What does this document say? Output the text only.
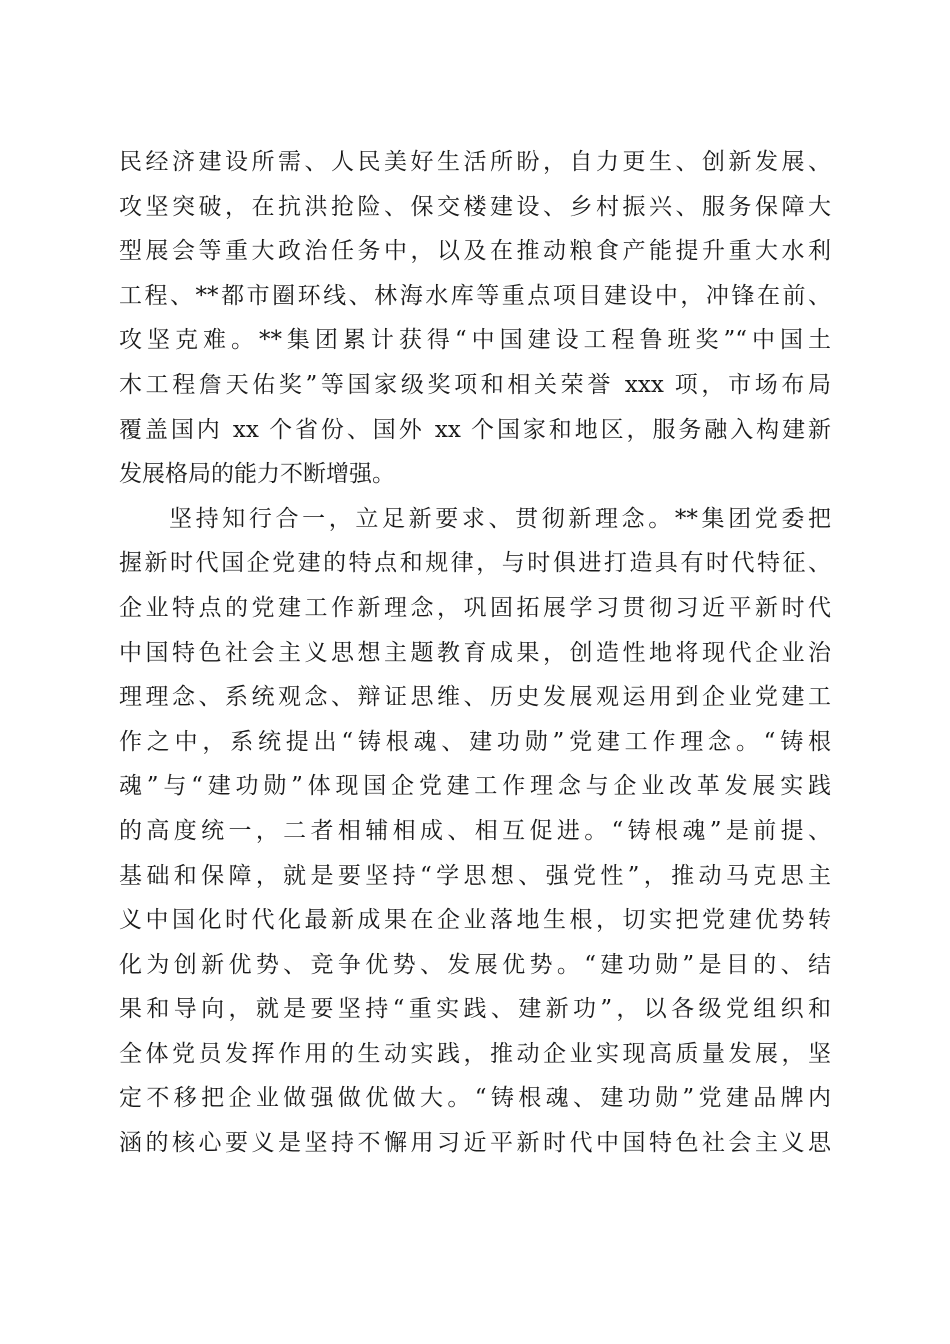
民经济建设所需、人民美好生活所盼，自力更生、创新发展、
攻坚突破，在抗洪抢险、保交楼建设、乡村振兴、服务保障大
型展会等重大政治任务中，以及在推动粮食产能提升重大水利
工程、**都市圈环线、林海水库等重点项目建设中，冲锋在前、
攻坚克难。**集团累计获得“中国建设工程鲁班奖”“中国土
木工程詹天佑奖”等国家级奖项和相关荣誉 xxx 项，市场布局
覆盖国内 xx 个省份、国外 xx 个国家和地区，服务融入构建新
发展格局的能力不断增强。
坚持知行合一，立足新要求、贯彻新理念。**集团党委把
握新时代国企党建的特点和规律，与时俱进打造具有时代特征、
企业特点的党建工作新理念，巩固拓展学习贯彻习近平新时代
中国特色社会主义思想主题教育成果，创造性地将现代企业治
理理念、系统观念、辩证思维、历史发展观运用到企业党建工
作之中，系统提出“铸根魂、建功勋”党建工作理念。“铸根
魂”与“建功勋”体现国企党建工作理念与企业改革发展实践
的高度统一，二者相辅相成、相互促进。“铸根魂”是前提、
基础和保障，就是要坚持“学思想、强党性”，推动马克思主
义中国化时代化最新成果在企业落地生根，切实把党建优势转
化为创新优势、竞争优势、发展优势。“建功勋”是目的、结
果和导向，就是要坚持“重实践、建新功”，以各级党组织和
全体党员发挥作用的生动实践，推动企业实现高质量发展，坚
定不移把企业做强做优做大。“铸根魂、建功勋”党建品牌内
涵的核心要义是坚持不懈用习近平新时代中国特色社会主义思
